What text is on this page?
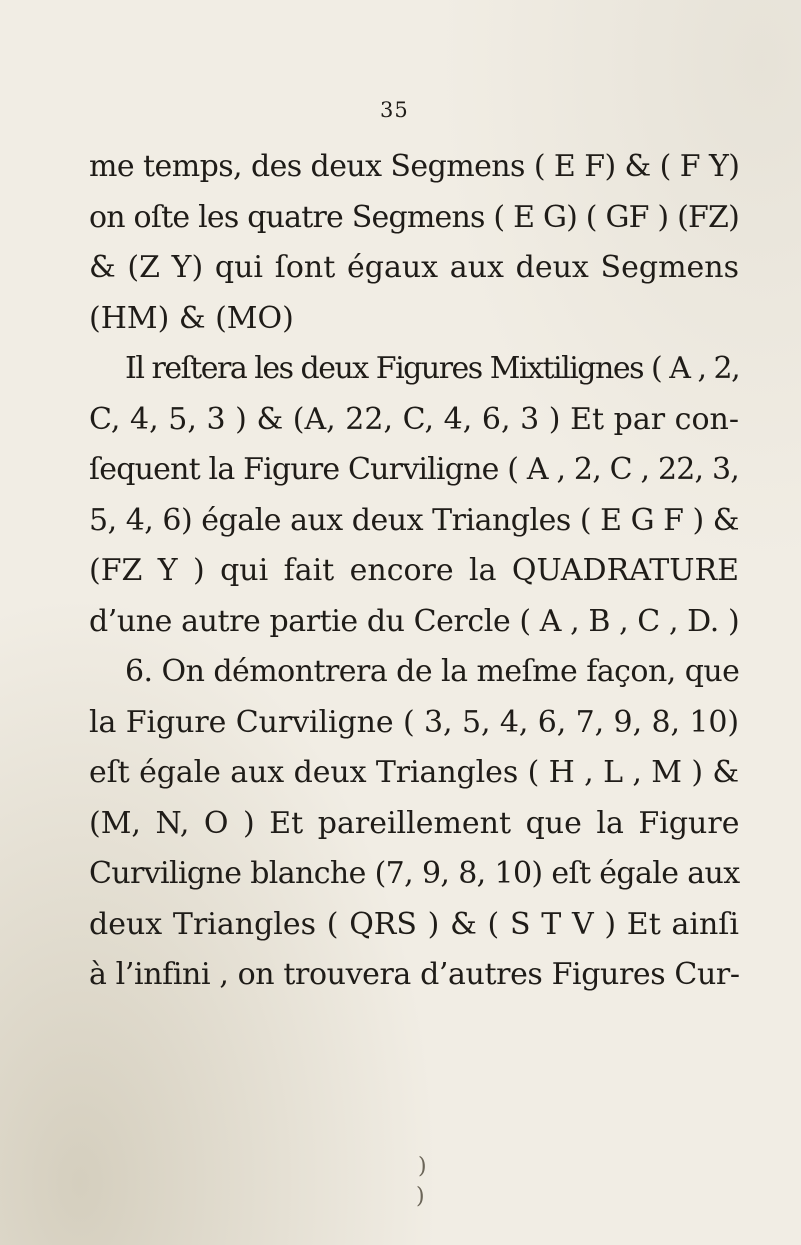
35
me temps, des deux Segmens ( E F) & ( F Y)
on oſte les quatre Segmens ( E G) ( GF ) (FZ)
& (Z Y) qui ſont égaux aux deux Segmens
(HM) & (MO)
Il reſtera les deux Figures Mixtilignes ( A , 2,
C, 4, 5, 3 ) & (A, 22, C, 4, 6, 3 ) Et par con-
ſequent la Figure Curviligne ( A , 2, C , 22, 3,
5, 4, 6) égale aux deux Triangles ( E G F ) &
(FZ Y ) qui fait encore la QUADRATURE
d’une autre partie du Cercle ( A , B , C , D. )
6. On démontrera de la meſme façon, que
la Figure Curviligne ( 3, 5, 4, 6, 7, 9, 8, 10)
eſt égale aux deux Triangles ( H , L , M ) &
(M, N, O ) Et pareillement que la Figure
Curviligne blanche (7, 9, 8, 10) eſt égale aux
deux Triangles ( QRS ) & ( S T V ) Et ainſi
à l’infini , on trouvera d’autres Figures Cur-
)
)
